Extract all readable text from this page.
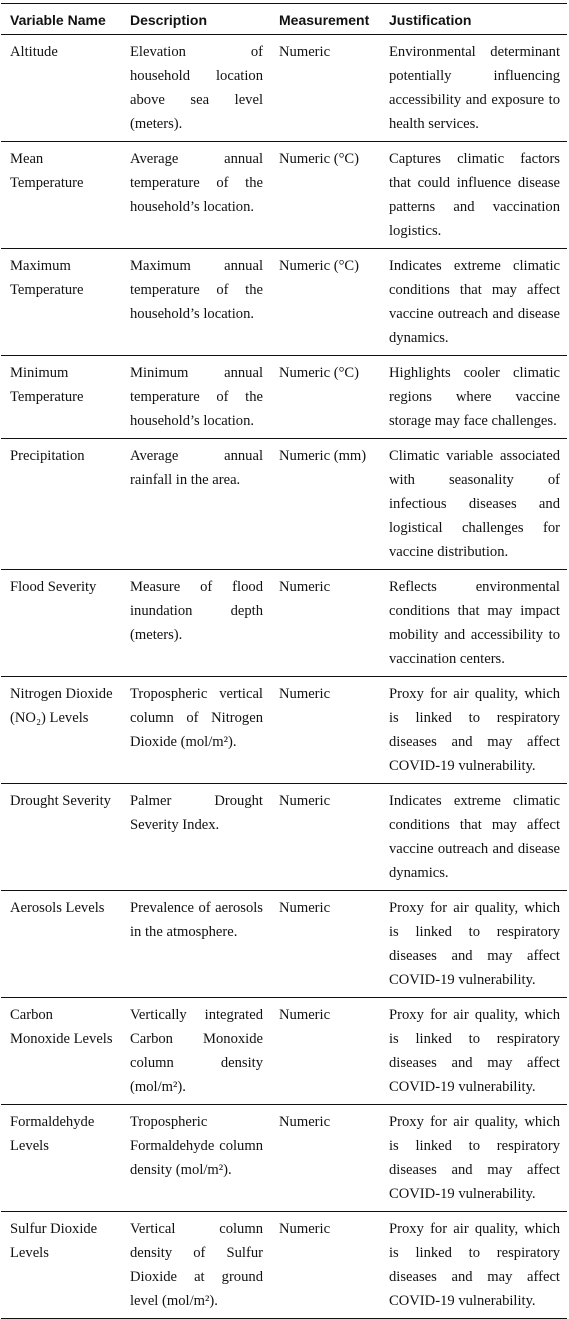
Variable Name	Description	Measurement	Justification
Altitude	Elevation of household location above sea level (meters).	Numeric	Environmental determinant potentially influencing accessibility and exposure to health services.
Mean Temperature	Average annual temperature of the household’s location.	Numeric (°C)	Captures climatic factors that could influence disease patterns and vaccination logistics.
Maximum Temperature	Maximum annual temperature of the household’s location.	Numeric (°C)	Indicates extreme climatic conditions that may affect vaccine outreach and disease dynamics.
Minimum Temperature	Minimum annual temperature of the household’s location.	Numeric (°C)	Highlights cooler climatic regions where vaccine storage may face challenges.
Precipitation	Average annual rainfall in the area.	Numeric (mm)	Climatic variable associated with seasonality of infectious diseases and logistical challenges for vaccine distribution.
Flood Severity	Measure of flood inundation depth (meters).	Numeric	Reflects environmental conditions that may impact mobility and accessibility to vaccination centers.
Nitrogen Dioxide (NO₂) Levels	Tropospheric vertical column of Nitrogen Dioxide (mol/m²).	Numeric	Proxy for air quality, which is linked to respiratory diseases and may affect COVID-19 vulnerability.
Drought Severity	Palmer Drought Severity Index.	Numeric	Indicates extreme climatic conditions that may affect vaccine outreach and disease dynamics.
Aerosols Levels	Prevalence of aerosols in the atmosphere.	Numeric	Proxy for air quality, which is linked to respiratory diseases and may affect COVID-19 vulnerability.
Carbon Monoxide Levels	Vertically integrated Carbon Monoxide column density (mol/m²).	Numeric	Proxy for air quality, which is linked to respiratory diseases and may affect COVID-19 vulnerability.
Formaldehyde Levels	Tropospheric Formaldehyde column density (mol/m²).	Numeric	Proxy for air quality, which is linked to respiratory diseases and may affect COVID-19 vulnerability.
Sulfur Dioxide Levels	Vertical column density of Sulfur Dioxide at ground level (mol/m²).	Numeric	Proxy for air quality, which is linked to respiratory diseases and may affect COVID-19 vulnerability.
